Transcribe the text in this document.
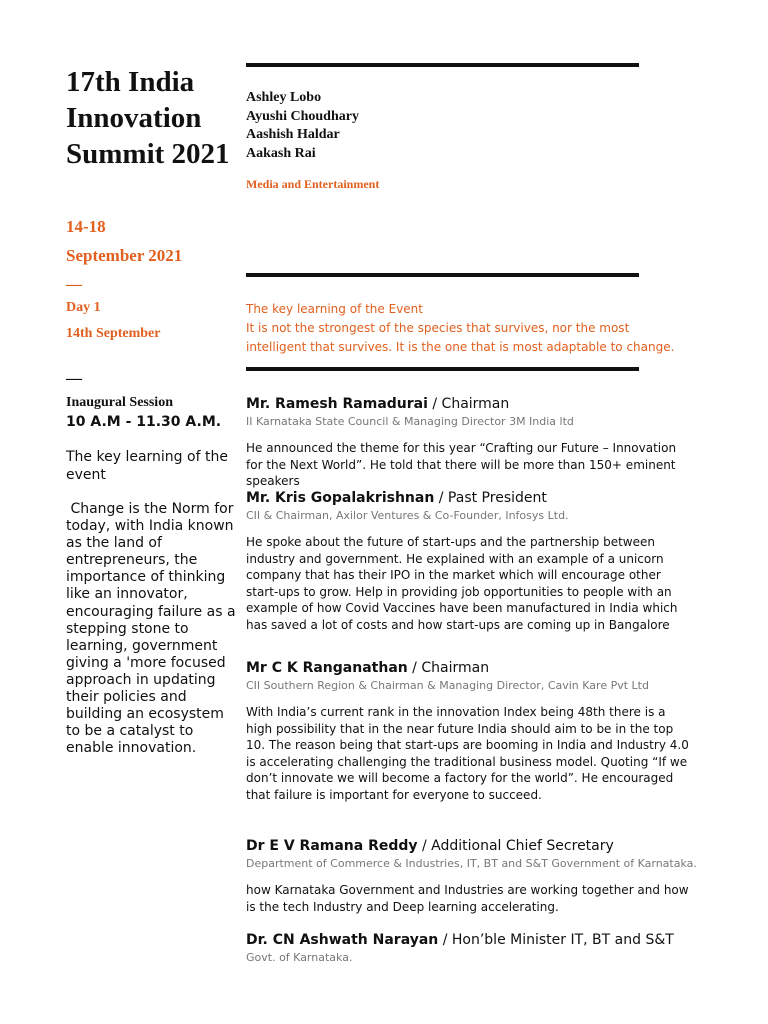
17th India Innovation Summit 2021
14-18
September 2021
—
Day 1
14th September
—
Inaugural Session
10 A.M - 11.30 A.M.
The key learning of the event
Change is the Norm for today, with India known as the land of entrepreneurs, the importance of thinking like an innovator, encouraging failure as a stepping stone to learning, government giving a 'more focused approach in updating their policies and building an ecosystem to be a catalyst to enable innovation.
Ashley Lobo
Ayushi Choudhary
Aashish Haldar
Aakash Rai
Media and Entertainment
The key learning of the Event
It is not the strongest of the species that survives, nor the most intelligent that survives. It is the one that is most adaptable to change.
Mr. Ramesh Ramadurai / Chairman
II Karnataka State Council & Managing Director 3M India ltd
He announced the theme for this year “Crafting our Future – Innovation for the Next World”. He told that there will be more than 150+ eminent speakers
Mr. Kris Gopalakrishnan / Past President
CII & Chairman, Axilor Ventures & Co-Founder, Infosys Ltd.
He spoke about the future of start-ups and the partnership between industry and government. He explained with an example of a unicorn company that has their IPO in the market which will encourage other start-ups to grow. Help in providing job opportunities to people with an example of how Covid Vaccines have been manufactured in India which has saved a lot of costs and how start-ups are coming up in Bangalore
Mr C K Ranganathan / Chairman
CII Southern Region & Chairman & Managing Director, Cavin Kare Pvt Ltd
With India’s current rank in the innovation Index being 48th there is a high possibility that in the near future India should aim to be in the top 10. The reason being that start-ups are booming in India and Industry 4.0 is accelerating challenging the traditional business model. Quoting “If we don’t innovate we will become a factory for the world”. He encouraged that failure is important for everyone to succeed.
Dr E V Ramana Reddy / Additional Chief Secretary
Department of Commerce & Industries, IT, BT and S&T Government of Karnataka.
how Karnataka Government and Industries are working together and how is the tech Industry and Deep learning accelerating.
Dr. CN Ashwath Narayan / Hon’ble Minister IT, BT and S&T
Govt. of Karnataka.
